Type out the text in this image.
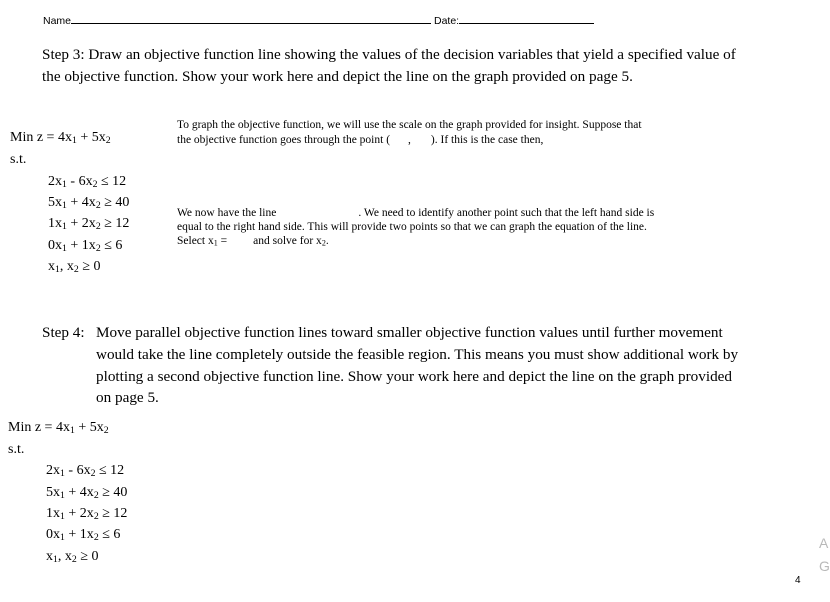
Name	Date:
Step 3: Draw an objective function line showing the values of the decision variables that yield a specified value of
the objective function. Show your work here and depict the line on the graph provided on page 5.
Min $z = 4x_1 + 5x_2$
s.t.
$2x_1 - 6x_2 \le 12$
$5x_1 + 4x_2 \ge 40$
$1x_1 + 2x_2 \ge 12$
$0x_1 + 1x_2 \le 6$
$x_1$, $x_2 \ge 0$
To graph the objective function, we will use the scale on the graph provided for insight. Suppose that
the objective function goes through the point ( , ). If this is the case then,
We now have the line	. We need to identify another point such that the left hand side is
equal to the right hand side. This will provide two points so that we can graph the equation of the line.
Select $x_1$ = and solve for $x_2$.
Step 4: Move parallel objective function lines toward smaller objective function values until further movement
would take the line completely outside the feasible region. This means you must show additional work by
plotting a second objective function line. Show your work here and depict the line on the graph provided
on page 5.
Min $z = 4x_1 + 5x_2$
s.t.
$2x_1 - 6x_2 \le 12$
$5x_1 + 4x_2 \ge 40$
$1x_1 + 2x_2 \ge 12$
$0x_1 + 1x_2 \le 6$
$x_1$, $x_2 \ge 0$
A
G
4
